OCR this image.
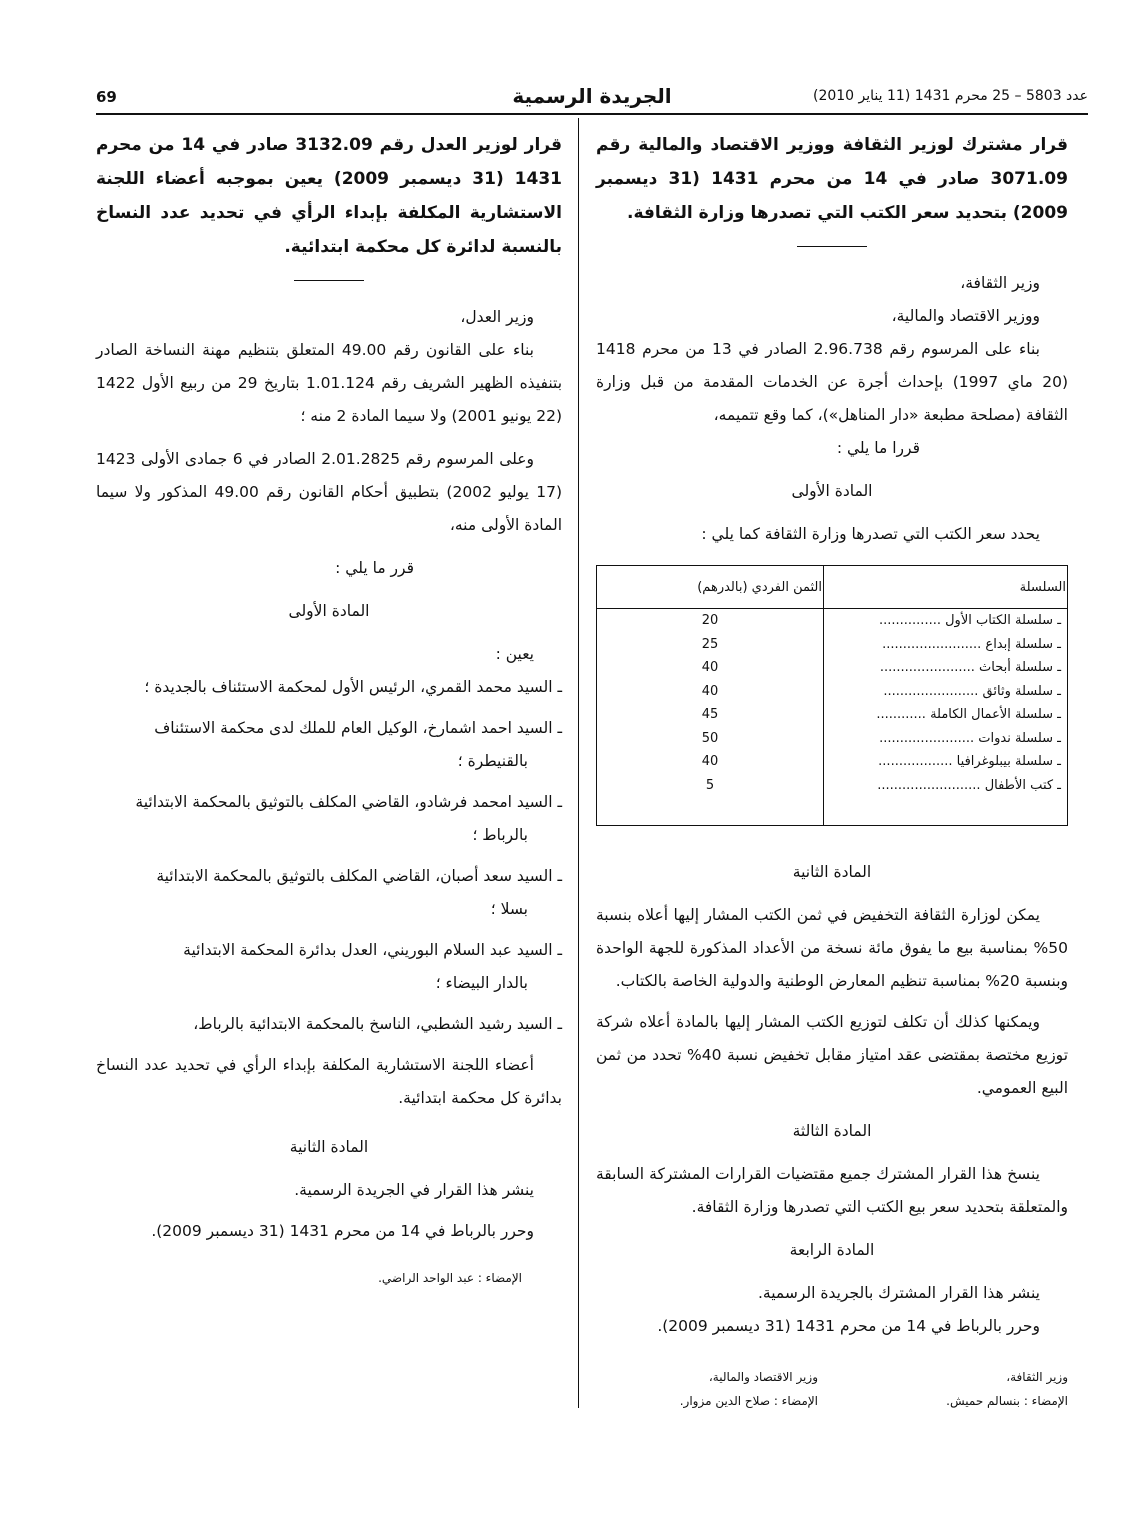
69	الجريدة الرسمية	عدد 5803 – 25 محرم 1431 (11 يناير 2010)

قرار مشترك لوزير الثقافة ووزير الاقتصاد والمالية رقم 3071.09 صادر في 14 من محرم 1431 (31 ديسمبر 2009) بتحديد سعر الكتب التي تصدرها وزارة الثقافة.

وزير الثقافة،

ووزير الاقتصاد والمالية،

بناء على المرسوم رقم 2.96.738 الصادر في 13 من محرم 1418 (20 ماي 1997) بإحداث أجرة عن الخدمات المقدمة من قبل وزارة الثقافة (مصلحة مطبعة «دار المناهل»)، كما وقع تتميمه،

قررا ما يلي :

المادة الأولى

يحدد سعر الكتب التي تصدرها وزارة الثقافة كما يلي :

السلسلة	الثمن الفردي (بالدرهم)
ـ سلسلة الكتاب الأول ...............	20
ـ سلسلة إبداع ........................	25
ـ سلسلة أبحاث .......................	40
ـ سلسلة وثائق .......................	40
ـ سلسلة الأعمال الكاملة ............	45
ـ سلسلة ندوات .......................	50
ـ سلسلة بيبلوغرافيا ..................	40
ـ كتب الأطفال .........................	5

المادة الثانية

يمكن لوزارة الثقافة التخفيض في ثمن الكتب المشار إليها أعلاه بنسبة 50% بمناسبة بيع ما يفوق مائة نسخة من الأعداد المذكورة للجهة الواحدة وبنسبة 20% بمناسبة تنظيم المعارض الوطنية والدولية الخاصة بالكتاب.

ويمكنها كذلك أن تكلف لتوزيع الكتب المشار إليها بالمادة أعلاه شركة توزيع مختصة بمقتضى عقد امتياز مقابل تخفيض نسبة 40% تحدد من ثمن البيع العمومي.

المادة الثالثة

ينسخ هذا القرار المشترك جميع مقتضيات القرارات المشتركة السابقة والمتعلقة بتحديد سعر بيع الكتب التي تصدرها وزارة الثقافة.

المادة الرابعة

ينشر هذا القرار المشترك بالجريدة الرسمية.

وحرر بالرباط في 14 من محرم 1431 (31 ديسمبر 2009).

وزير الثقافة،
وزير الاقتصاد والمالية،
الإمضاء : بنسالم حميش.
الإمضاء : صلاح الدين مزوار.

قرار لوزير العدل رقم 3132.09 صادر في 14 من محرم 1431 (31 ديسمبر 2009) يعين بموجبه أعضاء اللجنة الاستشارية المكلفة بإبداء الرأي في تحديد عدد النساخ بالنسبة لدائرة كل محكمة ابتدائية.

وزير العدل،

بناء على القانون رقم 49.00 المتعلق بتنظيم مهنة النساخة الصادر بتنفيذه الظهير الشريف رقم 1.01.124 بتاريخ 29 من ربيع الأول 1422 (22 يونيو 2001) ولا سيما المادة 2 منه ؛

وعلى المرسوم رقم 2.01.2825 الصادر في 6 جمادى الأولى 1423 (17 يوليو 2002) بتطبيق أحكام القانون رقم 49.00 المذكور ولا سيما المادة الأولى منه،

قرر ما يلي :

المادة الأولى

يعين :

ـ السيد محمد القمري، الرئيس الأول لمحكمة الاستئناف بالجديدة ؛

ـ السيد احمد اشمارخ، الوكيل العام للملك لدى محكمة الاستئناف

بالقنيطرة ؛

ـ السيد امحمد فرشادو، القاضي المكلف بالتوثيق بالمحكمة الابتدائية

بالرباط ؛

ـ السيد سعد أصبان، القاضي المكلف بالتوثيق بالمحكمة الابتدائية

بسلا ؛

ـ السيد عبد السلام البوريني، العدل بدائرة المحكمة الابتدائية

بالدار البيضاء ؛

ـ السيد رشيد الشطبي، الناسخ بالمحكمة الابتدائية بالرباط،

أعضاء اللجنة الاستشارية المكلفة بإبداء الرأي في تحديد عدد النساخ بدائرة كل محكمة ابتدائية.

المادة الثانية

ينشر هذا القرار في الجريدة الرسمية.

وحرر بالرباط في 14 من محرم 1431 (31 ديسمبر 2009).

الإمضاء : عبد الواحد الراضي.
